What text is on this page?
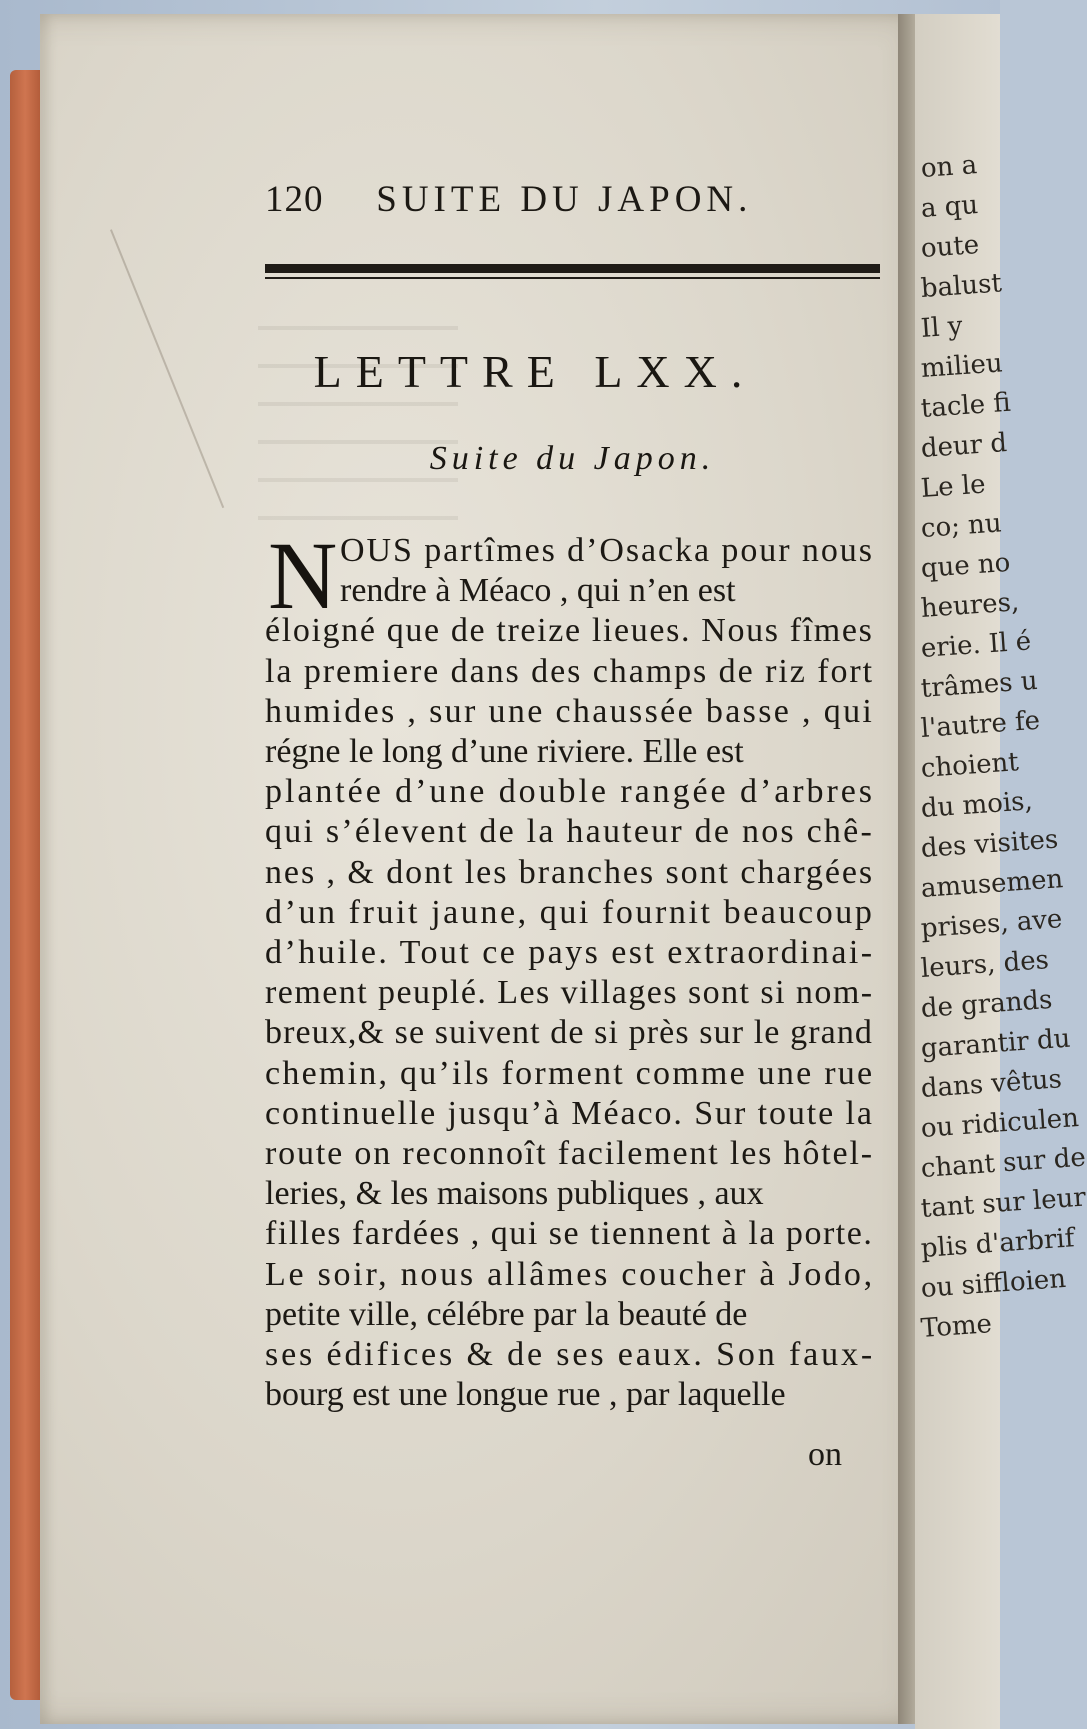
on a
a qu
oute
balust
Il y
milieu
tacle fi
deur d
Le le
co; nu
que no
heures,
erie. Il é
trâmes u
l'autre fe
choient
du mois,
des visites
amusemen
prises, ave
leurs, des
de grands
garantir du
dans vêtus
ou ridiculen
chant sur de
tant sur leur
plis d'arbrif
ou siffloien
Tome
120 SUITE DU JAPON.
LETTRE LXX.
Suite du Japon.
N OUS partîmes d’Osacka pour nous
rendre à Méaco , qui n’en est
éloigné que de treize lieues. Nous fîmes
la premiere dans des champs de riz fort
humides , sur une chaussée basse , qui
régne le long d’une riviere. Elle est
plantée d’une double rangée d’arbres
qui s’élevent de la hauteur de nos chê-
nes , & dont les branches sont chargées
d’un fruit jaune, qui fournit beaucoup
d’huile. Tout ce pays est extraordinai-
rement peuplé. Les villages sont si nom-
breux,& se suivent de si près sur le grand
chemin, qu’ils forment comme une rue
continuelle jusqu’à Méaco. Sur toute la
route on reconnoît facilement les hôtel-
leries, & les maisons publiques , aux
filles fardées , qui se tiennent à la porte.
Le soir, nous allâmes coucher à Jodo,
petite ville, célébre par la beauté de
ses édifices & de ses eaux. Son faux-
bourg est une longue rue , par laquelle
on
